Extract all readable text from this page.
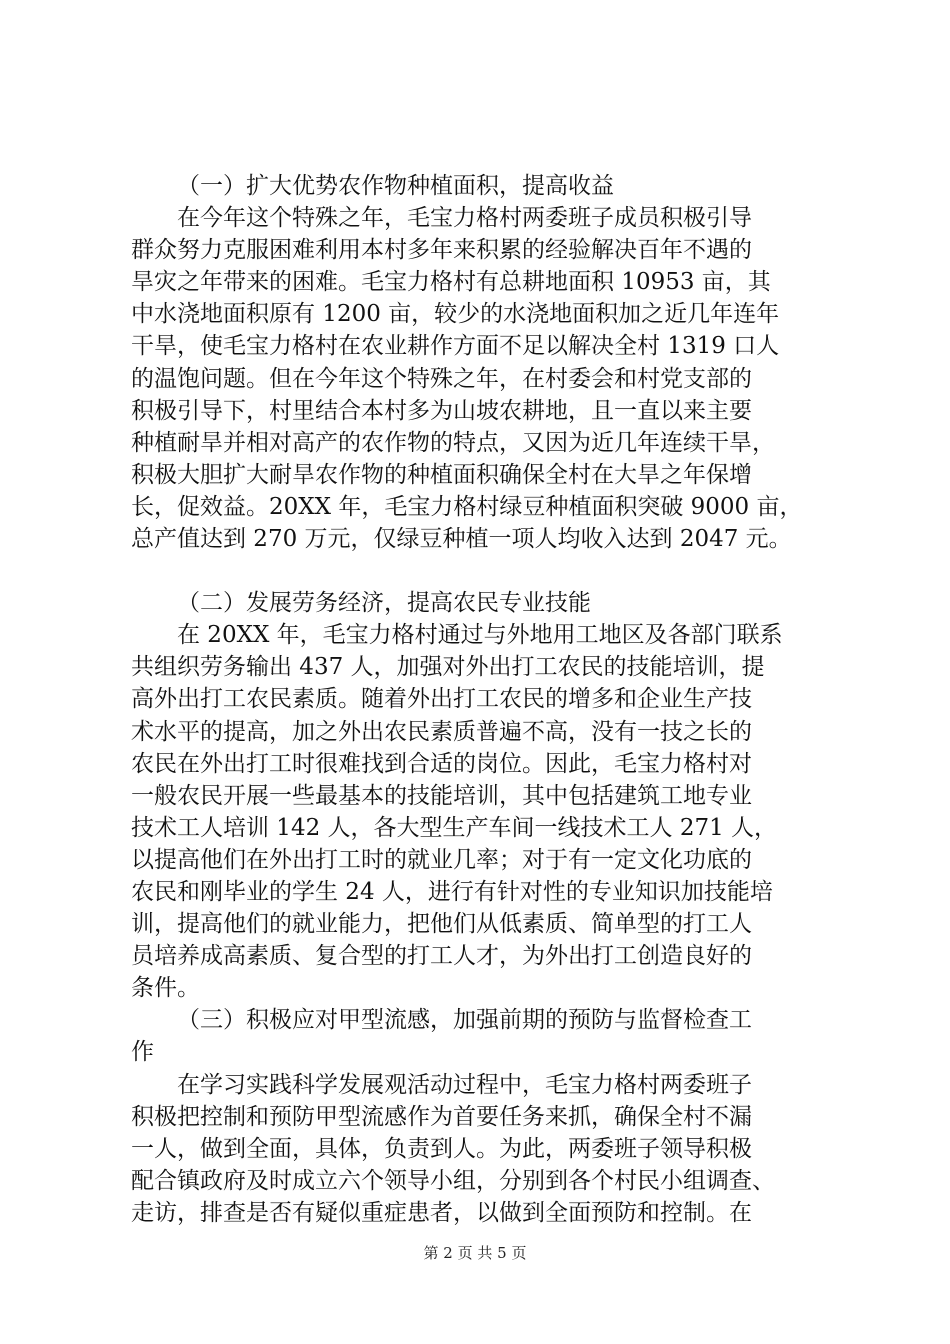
（一）扩大优势农作物种植面积，提高收益
在今年这个特殊之年，毛宝力格村两委班子成员积极引导
群众努力克服困难利用本村多年来积累的经验解决百年不遇的
旱灾之年带来的困难。毛宝力格村有总耕地面积 10953 亩，其
中水浇地面积原有 1200 亩，较少的水浇地面积加之近几年连年
干旱，使毛宝力格村在农业耕作方面不足以解决全村 1319 口人
的温饱问题。但在今年这个特殊之年，在村委会和村党支部的
积极引导下，村里结合本村多为山坡农耕地，且一直以来主要
种植耐旱并相对高产的农作物的特点，又因为近几年连续干旱，
积极大胆扩大耐旱农作物的种植面积确保全村在大旱之年保增
长，促效益。20XX 年，毛宝力格村绿豆种植面积突破 9000 亩，
总产值达到 270 万元，仅绿豆种植一项人均收入达到 2047 元。
（二）发展劳务经济，提高农民专业技能
在 20XX 年，毛宝力格村通过与外地用工地区及各部门联系
共组织劳务输出 437 人，加强对外出打工农民的技能培训，提
高外出打工农民素质。随着外出打工农民的增多和企业生产技
术水平的提高，加之外出农民素质普遍不高，没有一技之长的
农民在外出打工时很难找到合适的岗位。因此，毛宝力格村对
一般农民开展一些最基本的技能培训，其中包括建筑工地专业
技术工人培训 142 人，各大型生产车间一线技术工人 271 人，
以提高他们在外出打工时的就业几率；对于有一定文化功底的
农民和刚毕业的学生 24 人，进行有针对性的专业知识加技能培
训，提高他们的就业能力，把他们从低素质、简单型的打工人
员培养成高素质、复合型的打工人才，为外出打工创造良好的
条件。
（三）积极应对甲型流感，加强前期的预防与监督检查工
作
在学习实践科学发展观活动过程中，毛宝力格村两委班子
积极把控制和预防甲型流感作为首要任务来抓，确保全村不漏
一人，做到全面，具体，负责到人。为此，两委班子领导积极
配合镇政府及时成立六个领导小组，分别到各个村民小组调查、
走访，排查是否有疑似重症患者，以做到全面预防和控制。在
第 2 页 共 5 页
